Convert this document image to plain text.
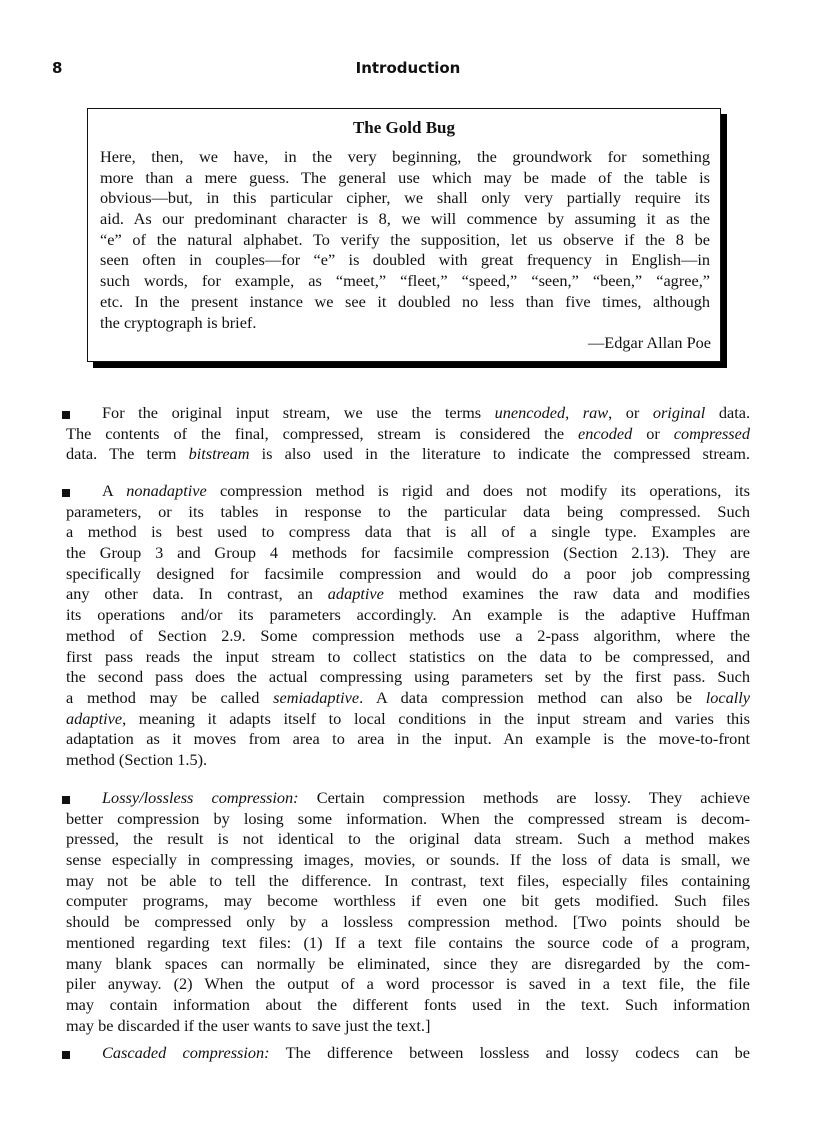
8	Introduction
The Gold Bug
Here, then, we have, in the very beginning, the groundwork for something
more than a mere guess. The general use which may be made of the table is
obvious—but, in this particular cipher, we shall only very partially require its
aid. As our predominant character is 8, we will commence by assuming it as the
“e” of the natural alphabet. To verify the supposition, let us observe if the 8 be
seen often in couples—for “e” is doubled with great frequency in English—in
such words, for example, as “meet,” “fleet,” “speed,” “seen,” “been,” “agree,”
etc. In the present instance we see it doubled no less than five times, although
the cryptograph is brief.
—Edgar Allan Poe
For the original input stream, we use the terms unencoded, raw, or original data.
The contents of the final, compressed, stream is considered the encoded or compressed
data. The term bitstream is also used in the literature to indicate the compressed stream.
A nonadaptive compression method is rigid and does not modify its operations, its
parameters, or its tables in response to the particular data being compressed. Such
a method is best used to compress data that is all of a single type. Examples are
the Group 3 and Group 4 methods for facsimile compression (Section 2.13). They are
specifically designed for facsimile compression and would do a poor job compressing
any other data. In contrast, an adaptive method examines the raw data and modifies
its operations and/or its parameters accordingly. An example is the adaptive Huffman
method of Section 2.9. Some compression methods use a 2-pass algorithm, where the
first pass reads the input stream to collect statistics on the data to be compressed, and
the second pass does the actual compressing using parameters set by the first pass. Such
a method may be called semiadaptive. A data compression method can also be locally
adaptive, meaning it adapts itself to local conditions in the input stream and varies this
adaptation as it moves from area to area in the input. An example is the move-to-front
method (Section 1.5).
Lossy/lossless compression: Certain compression methods are lossy. They achieve
better compression by losing some information. When the compressed stream is decom-
pressed, the result is not identical to the original data stream. Such a method makes
sense especially in compressing images, movies, or sounds. If the loss of data is small, we
may not be able to tell the difference. In contrast, text files, especially files containing
computer programs, may become worthless if even one bit gets modified. Such files
should be compressed only by a lossless compression method. [Two points should be
mentioned regarding text files: (1) If a text file contains the source code of a program,
many blank spaces can normally be eliminated, since they are disregarded by the com-
piler anyway. (2) When the output of a word processor is saved in a text file, the file
may contain information about the different fonts used in the text. Such information
may be discarded if the user wants to save just the text.]
Cascaded compression: The difference between lossless and lossy codecs can be
